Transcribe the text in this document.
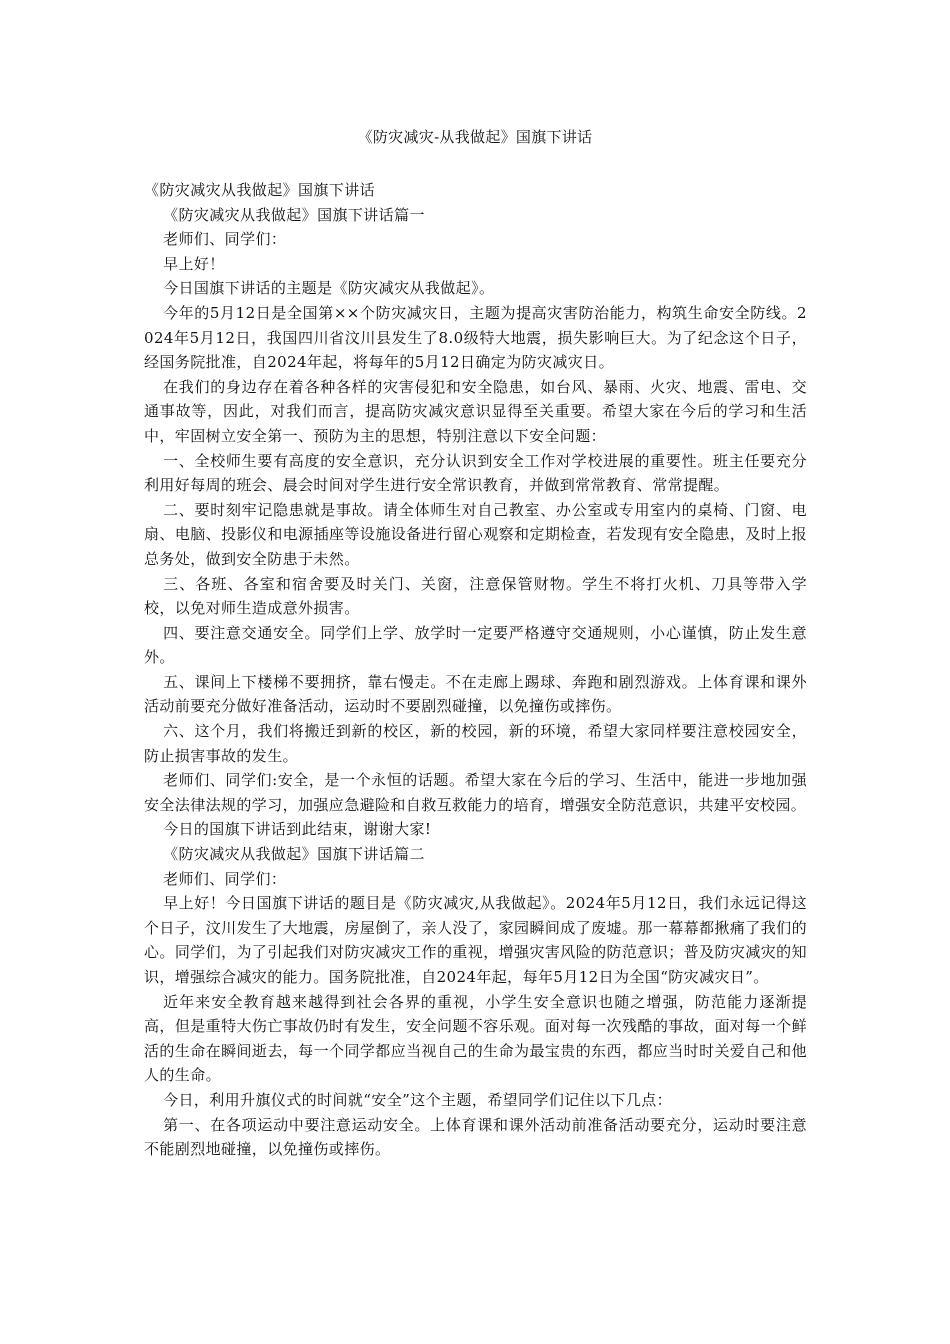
《防灾减灾-从我做起》国旗下讲话

《防灾减灾从我做起》国旗下讲话

《防灾减灾从我做起》国旗下讲话篇一

老师们、同学们：

早上好！

今日国旗下讲话的主题是《防灾减灾从我做起》。

今年的5月12日是全国第××个防灾减灾日，主题为提高灾害防治能力，构筑生命安全防线。2024年5月12日，我国四川省汶川县发生了8.0级特大地震，损失影响巨大。为了纪念这个日子，经国务院批准，自2024年起，将每年的5月12日确定为防灾减灾日。

在我们的身边存在着各种各样的灾害侵犯和安全隐患，如台风、暴雨、火灾、地震、雷电、交通事故等，因此，对我们而言，提高防灾减灾意识显得至关重要。希望大家在今后的学习和生活中，牢固树立安全第一、预防为主的思想，特别注意以下安全问题：

一、全校师生要有高度的安全意识，充分认识到安全工作对学校进展的重要性。班主任要充分利用好每周的班会、晨会时间对学生进行安全常识教育，并做到常常教育、常常提醒。

二、要时刻牢记隐患就是事故。请全体师生对自己教室、办公室或专用室内的桌椅、门窗、电扇、电脑、投影仪和电源插座等设施设备进行留心观察和定期检查，若发现有安全隐患，及时上报总务处，做到安全防患于未然。

三、各班、各室和宿舍要及时关门、关窗，注意保管财物。学生不将打火机、刀具等带入学校，以免对师生造成意外损害。

四、要注意交通安全。同学们上学、放学时一定要严格遵守交通规则，小心谨慎，防止发生意外。

五、课间上下楼梯不要拥挤，靠右慢走。不在走廊上踢球、奔跑和剧烈游戏。上体育课和课外活动前要充分做好准备活动，运动时不要剧烈碰撞，以免撞伤或摔伤。

六、这个月，我们将搬迁到新的校区，新的校园，新的环境，希望大家同样要注意校园安全，防止损害事故的发生。

老师们、同学们:安全，是一个永恒的话题。希望大家在今后的学习、生活中，能进一步地加强安全法律法规的学习，加强应急避险和自救互救能力的培育，增强安全防范意识，共建平安校园。

今日的国旗下讲话到此结束，谢谢大家!

《防灾减灾从我做起》国旗下讲话篇二

老师们、同学们：

早上好！今日国旗下讲话的题目是《防灾减灾,从我做起》。2024年5月12日，我们永远记得这个日子，汶川发生了大地震，房屋倒了，亲人没了，家园瞬间成了废墟。那一幕幕都揪痛了我们的心。同学们，为了引起我们对防灾减灾工作的重视，增强灾害风险的防范意识；普及防灾减灾的知识，增强综合减灾的能力。国务院批准，自2024年起，每年5月12日为全国“防灾减灾日”。

近年来安全教育越来越得到社会各界的重视，小学生安全意识也随之增强，防范能力逐渐提高，但是重特大伤亡事故仍时有发生，安全问题不容乐观。面对每一次残酷的事故，面对每一个鲜活的生命在瞬间逝去，每一个同学都应当视自己的生命为最宝贵的东西，都应当时时关爱自己和他人的生命。

今日，利用升旗仪式的时间就“安全”这个主题，希望同学们记住以下几点：

第一、在各项运动中要注意运动安全。上体育课和课外活动前准备活动要充分，运动时要注意不能剧烈地碰撞，以免撞伤或摔伤。
